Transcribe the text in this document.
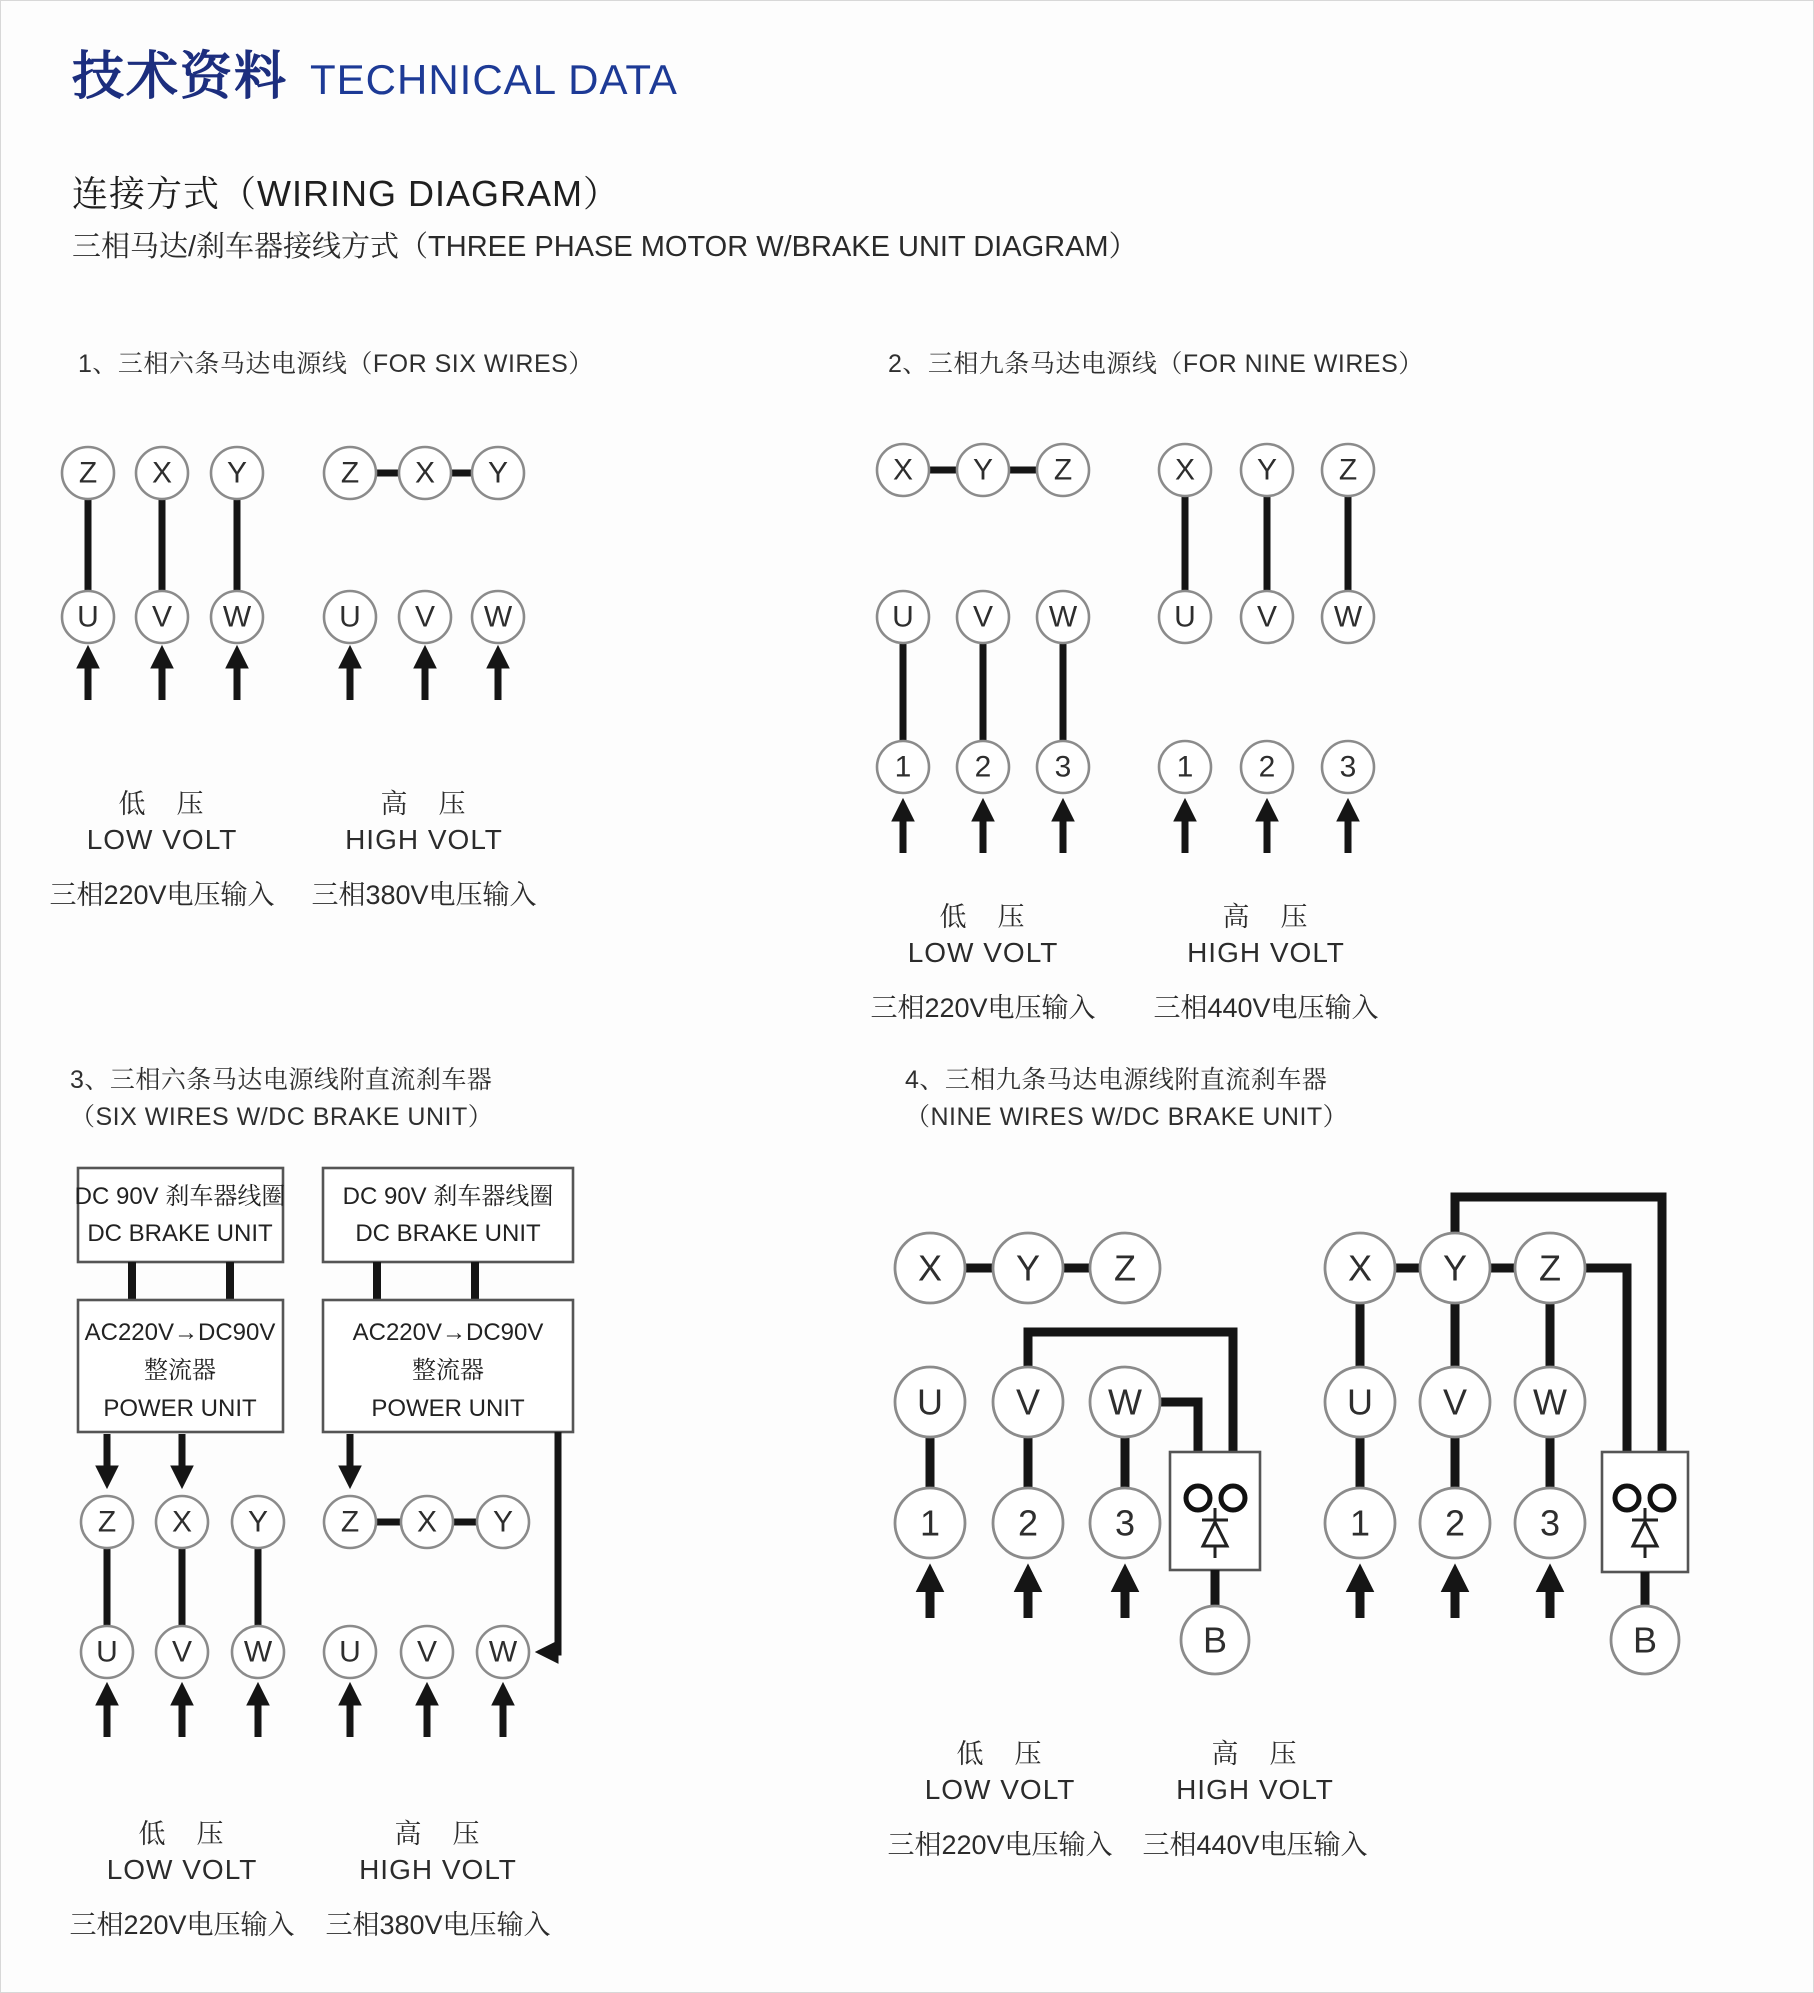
技术资料 TECHNICAL DATA
连接方式（WIRING DIAGRAM）
三相马达/刹车器接线方式（THREE PHASE MOTOR W/BRAKE UNIT DIAGRAM）
1、三相六条马达电源线（FOR SIX WIRES）	2、三相九条马达电源线（FOR NINE WIRES）
3、三相六条马达电源线附直流刹车器
（SIX WIRES W/DC BRAKE UNIT）
4、三相九条马达电源线附直流刹车器
（NINE WIRES W/DC BRAKE UNIT）
Z X Y
U V W
Z X Y
U V W
X Y Z
U V W
1 2 3
X Y Z
U V W
1 2 3
DC 90V 刹车器线圈
DC BRAKE UNIT
AC220V→DC90V
整流器
POWER UNIT
Z X Y
U V W
DC 90V 刹车器线圈
DC BRAKE UNIT
AC220V→DC90V
整流器
POWER UNIT
Z X Y
U V W
X Y Z
U V W
1 2 3
B
X Y Z
U V W
1 2 3
B
低　压
LOW VOLT
三相220V电压输入
高　压
HIGH VOLT
三相380V电压输入
低　压
LOW VOLT
三相220V电压输入
高　压
HIGH VOLT
三相440V电压输入
低　压
LOW VOLT
三相220V电压输入
高　压
HIGH VOLT
三相380V电压输入
低　压
LOW VOLT
三相220V电压输入
高　压
HIGH VOLT
三相440V电压输入
